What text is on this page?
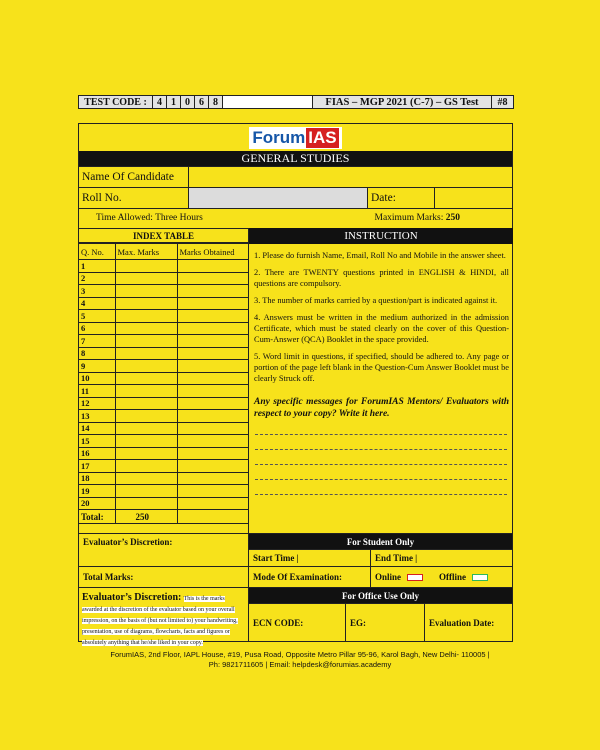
TEST CODE :	4 1 0 6 8	FIAS – MGP 2021 (C-7) – GS Test	#8
Forum IAS
GENERAL STUDIES
Name Of Candidate
Roll No.	Date:
Time Allowed: Three Hours	Maximum Marks: 250
INDEX TABLE
Q. No.	Max. Marks	Marks Obtained
1		
2		
3		
4		
5		
6		
7		
8		
9		
10		
11		
12		
13		
14		
15		
16		
17		
18		
19		
20		
Total:	250	
INSTRUCTION

1. Please do furnish Name, Email, Roll No and Mobile in the answer sheet.

2. There are TWENTY questions printed in ENGLISH & HINDI, all questions are compulsory.

3. The number of marks carried by a question/part is indicated against it.

4. Answers must be written in the medium authorized in the admission Certificate, which must be stated clearly on the cover of this Question-Cum-Answer (QCA) Booklet in the space provided.

5. Word limit in questions, if specified, should be adhered to. Any page or portion of the page left blank in the Question-Cum Answer Booklet must be clearly Struck off.

Any specific messages for ForumIAS Mentors/ Evaluators with respect to your copy? Write it here.

Evaluator’s Discretion:	For Student Only
Start Time |	End Time |
Total Marks:	Mode Of Examination:	Online	Offline
Evaluator’s Discretion: This is the marks awarded at the discretion of the evaluator based on your overall impression, on the basis of (but not limited to) your handwriting, presentation, use of diagrams, flowcharts, facts and figures or absolutely anything that he/she liked in your copy.
For Office Use Only
ECN CODE:	EG:	Evaluation Date:
ForumIAS, 2nd Floor, IAPL House, #19, Pusa Road, Opposite Metro Pillar 95-96, Karol Bagh, New Delhi- 110005 |
Ph: 9821711605 | Email: helpdesk@forumias.academy
